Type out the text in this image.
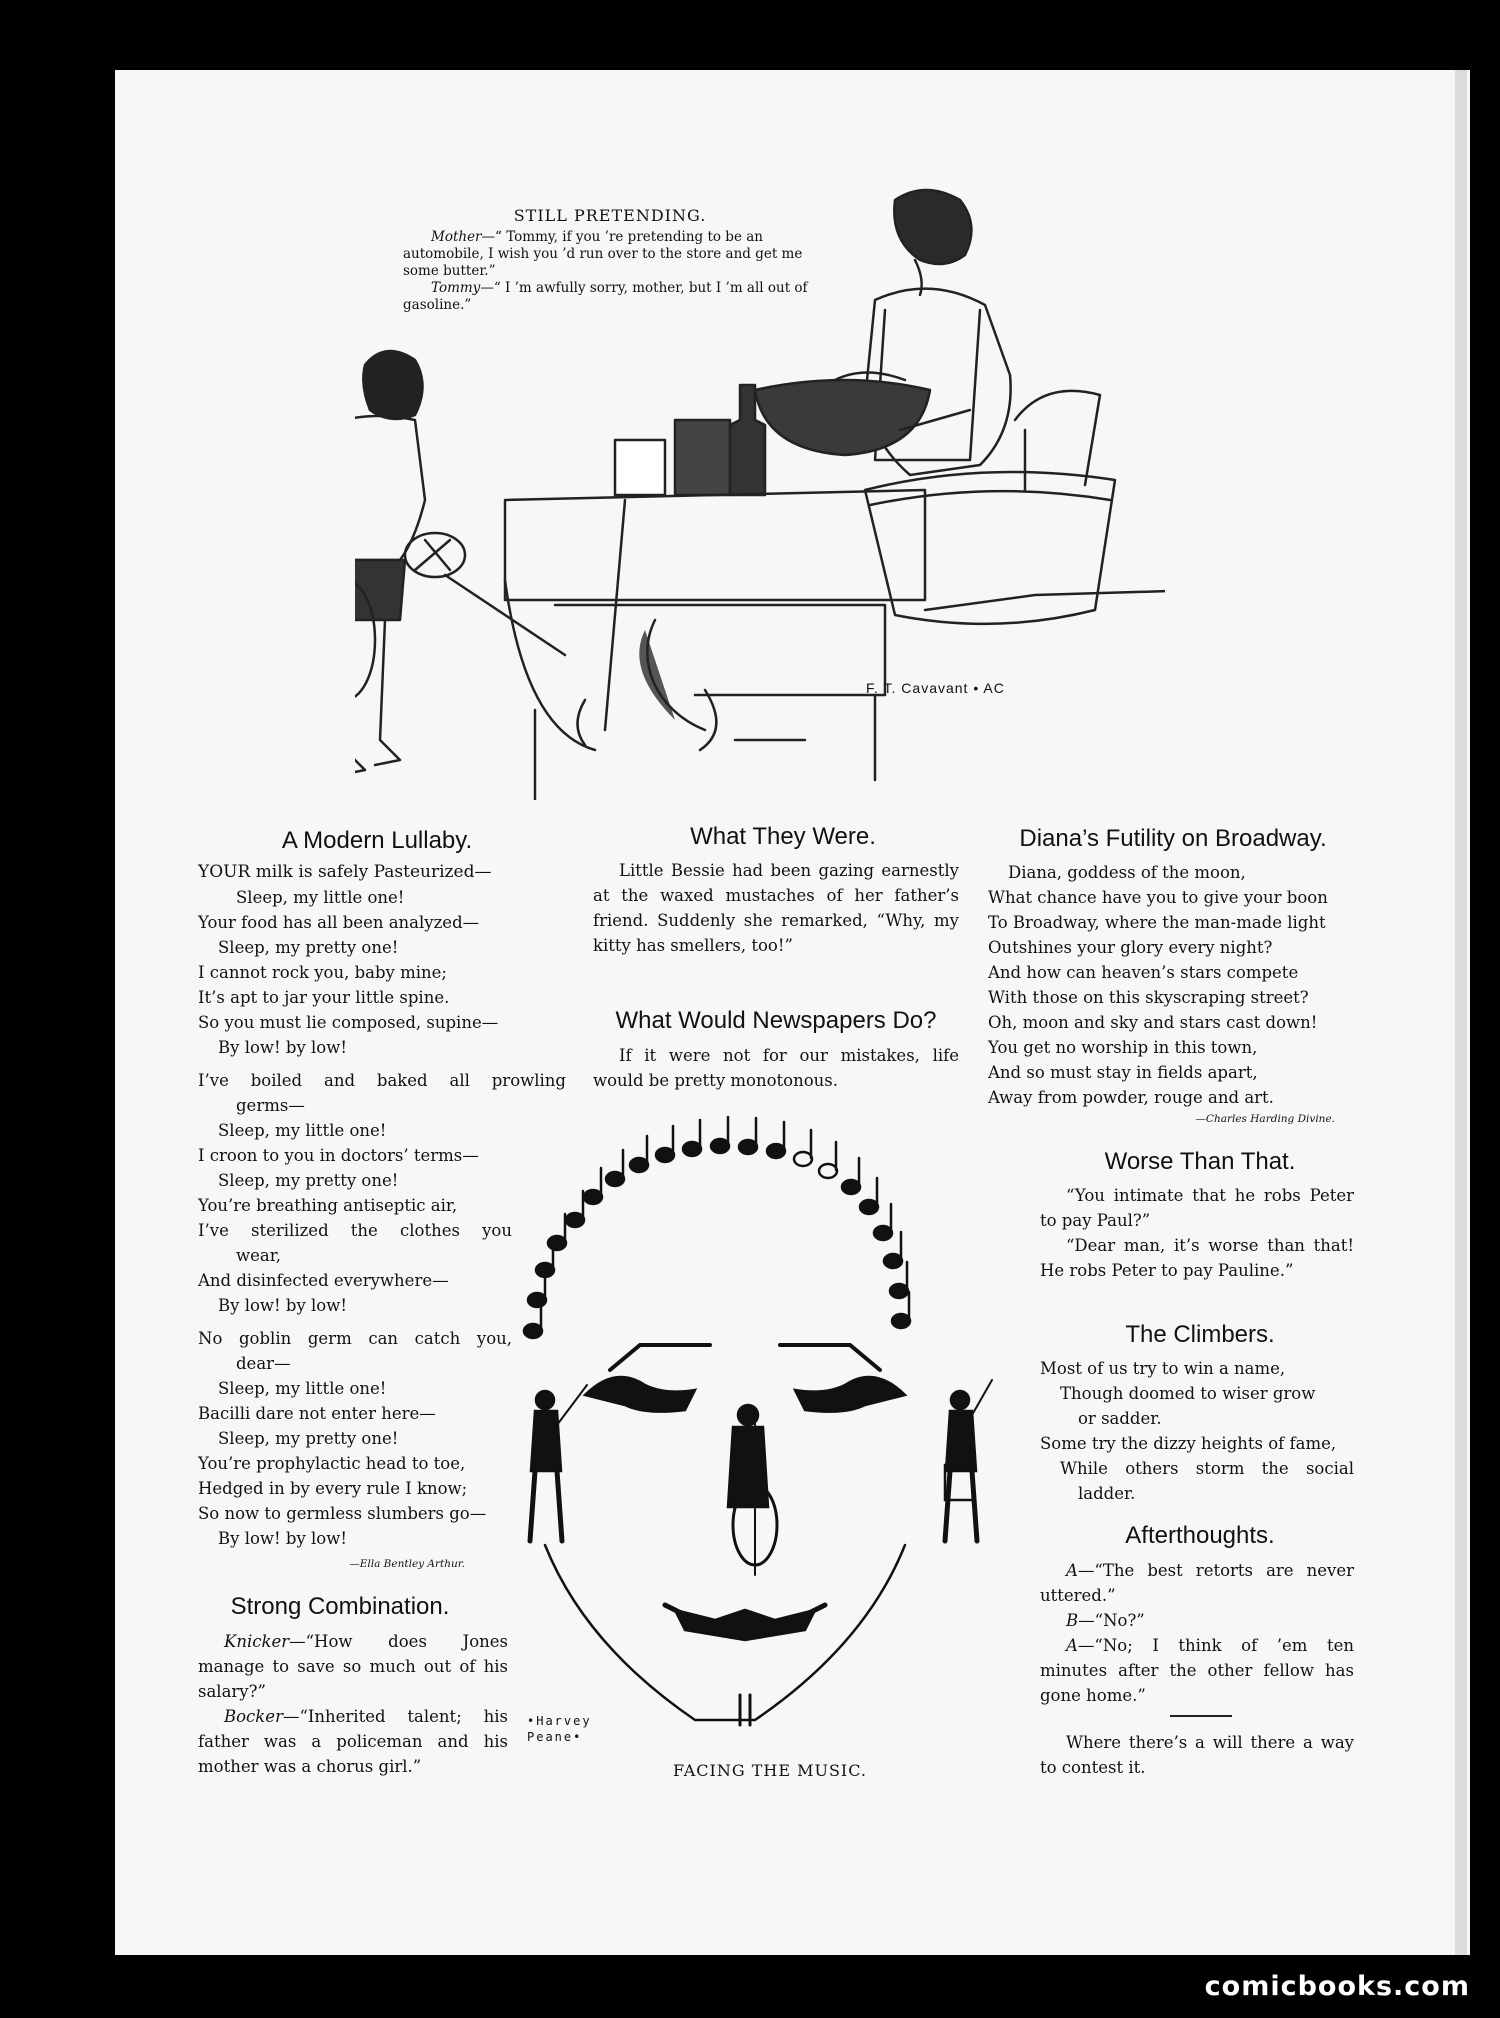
STILL PRETENDING.

Mother—“ Tommy, if you ’re pretending to be an automobile, I wish you ’d run over to the store and get me some butter.”

Tommy—“ I ’m awfully sorry, mother, but I ’m all out of gasoline.”

F. T. Cavavant • AC
A Modern Lullaby.
YOUR milk is safely Pasteurized—
Sleep, my little one!
Your food has all been analyzed—
Sleep, my pretty one!
I cannot rock you, baby mine;
It’s apt to jar your little spine.
So you must lie composed, supine—
By low! by low!
I’ve boiled and baked all prowling
germs—
Sleep, my little one!
I croon to you in doctors’ terms—
Sleep, my pretty one!
You’re breathing antiseptic air,
I’ve sterilized the clothes you
wear,
And disinfected everywhere—
By low! by low!
No goblin germ can catch you,
dear—
Sleep, my little one!
Bacilli dare not enter here—
Sleep, my pretty one!
You’re prophylactic head to toe,
Hedged in by every rule I know;
So now to germless slumbers go—
By low! by low!
—Ella Bentley Arthur.
Strong Combination.

Knicker—“How does Jones manage to save so much out of his salary?”

Bocker—“Inherited talent; his father was a policeman and his mother was a chorus girl.”

What They Were.

Little Bessie had been gazing earnestly at the waxed mustaches of her father’s friend. Suddenly she remarked, “Why, my kitty has smellers, too!”

What Would Newspapers Do?

If it were not for our mistakes, life would be pretty monotonous.

•Harvey
Peane•
FACING THE MUSIC.
Diana’s Futility on Broadway.
Diana, goddess of the moon,
What chance have you to give your boon
To Broadway, where the man-made light
Outshines your glory every night?
And how can heaven’s stars compete
With those on this skyscraping street?
Oh, moon and sky and stars cast down!
You get no worship in this town,
And so must stay in fields apart,
Away from powder, rouge and art.
—Charles Harding Divine.
Worse Than That.

“You intimate that he robs Peter to pay Paul?”

“Dear man, it’s worse than that! He robs Peter to pay Pauline.”

The Climbers.
Most of us try to win a name,
Though doomed to wiser grow
or sadder.
Some try the dizzy heights of fame,
While others storm the social
ladder.
Afterthoughts.

A—“The best retorts are never uttered.”

B—“No?”

A—“No; I think of ’em ten minutes after the other fellow has gone home.”

Where there’s a will there a way to contest it.

comicbooks.com
